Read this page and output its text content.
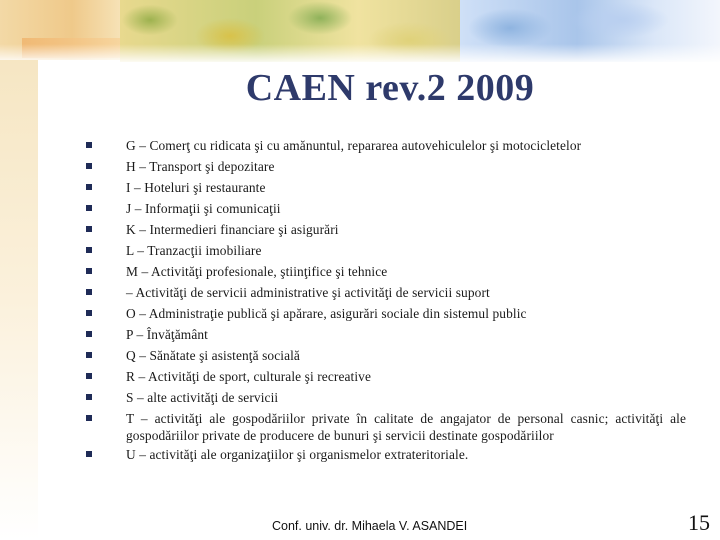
CAEN rev.2 2009
G – Comerţ cu ridicata şi cu amănuntul, repararea autovehiculelor şi motocicletelor
H – Transport şi depozitare
I – Hoteluri şi restaurante
J – Informaţii şi comunicaţii
K – Intermedieri financiare şi asigurări
L – Tranzacţii imobiliare
M – Activităţi profesionale, ştiinţifice şi tehnice
– Activităţi de servicii administrative şi activităţi de servicii suport
O – Administraţie publică şi apărare, asigurări sociale din sistemul public
P – Învăţământ
Q – Sănătate şi asistenţă socială
R – Activităţi de sport, culturale şi recreative
S – alte activităţi de servicii
T – activităţi ale gospodăriilor private în calitate de angajator de personal casnic; activităţi ale gospodăriilor private de producere de bunuri şi servicii destinate gospodăriilor
U – activităţi ale organizaţiilor şi organismelor extrateritoriale.
Conf. univ. dr. Mihaela V. ASANDEI	15
